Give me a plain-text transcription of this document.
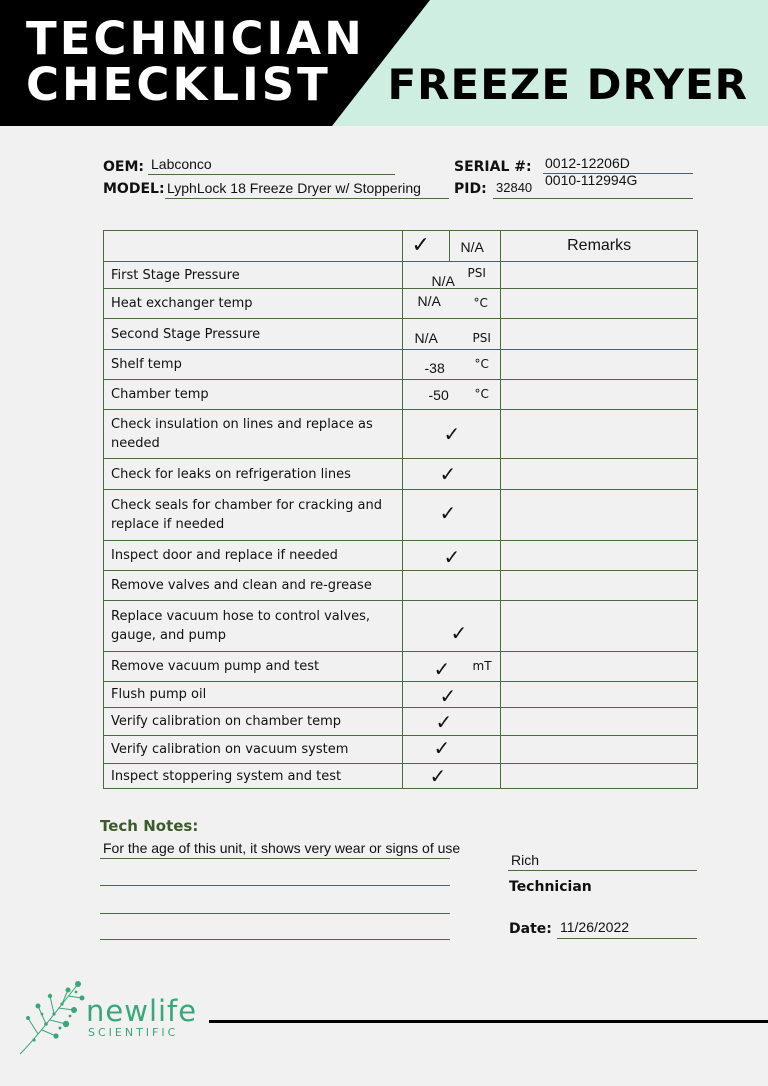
TECHNICIAN
CHECKLIST	FREEZE DRYER
OEM: Labconco
MODEL: LyphLock 18 Freeze Dryer w/ Stoppering
SERIAL #: 0012-12206D
0010-112994G
PID: 32840

	✓ N/A	Remarks
First Stage Pressure	N/A PSI	

Heat exchanger temp	N/A °C	

Second Stage Pressure	N/A PSI	

Shelf temp	-38 °C	

Chamber temp	-50 °C	

Check insulation on lines and replace as needed	✓	

Check for leaks on refrigeration lines	✓	

Check seals for chamber for cracking and replace if needed	✓	

Inspect door and replace if needed	✓	

Remove valves and clean and re-grease		
Replace vacuum hose to control valves, gauge, and pump	✓	

Remove vacuum pump and test	✓ mT	

Flush pump oil	✓	

Verify calibration on chamber temp	✓	

Verify calibration on vacuum system	✓	

Inspect stoppering system and test	✓	

Tech Notes:
For the age of this unit, it shows very wear or signs of use
Rich
Technician
Date: 11/26/2022
newlife
SCIENTIFIC
